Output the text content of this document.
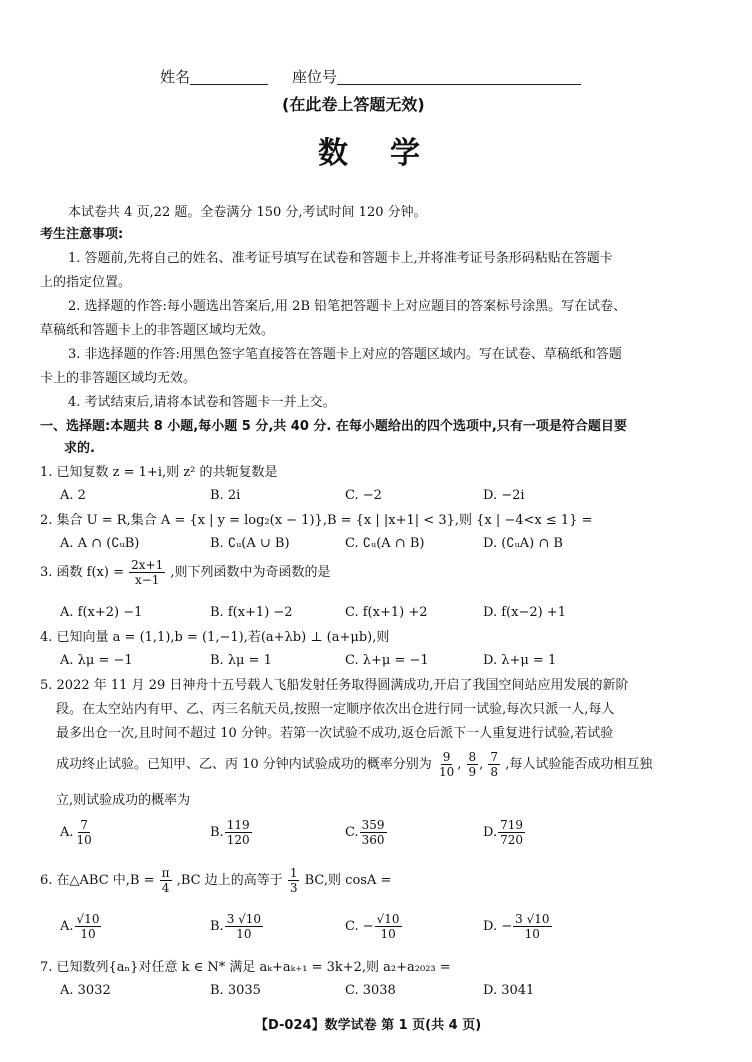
姓名	座位号
(在此卷上答题无效)
数学
本试卷共 4 页,22 题。全卷满分 150 分,考试时间 120 分钟。
考生注意事项:
1. 答题前,先将自己的姓名、准考证号填写在试卷和答题卡上,并将准考证号条形码粘贴在答题卡
上的指定位置。
2. 选择题的作答:每小题选出答案后,用 2B 铅笔把答题卡上对应题目的答案标号涂黑。写在试卷、
草稿纸和答题卡上的非答题区域均无效。
3. 非选择题的作答:用黑色签字笔直接答在答题卡上对应的答题区域内。写在试卷、草稿纸和答题
卡上的非答题区域均无效。
4. 考试结束后,请将本试卷和答题卡一并上交。
一、选择题:本题共 8 小题,每小题 5 分,共 40 分. 在每小题给出的四个选项中,只有一项是符合题目要
求的.
1. 已知复数 z = 1+i,则 z² 的共轭复数是
A. 2	B. 2i	C. −2	D. −2i
2. 集合 U = R,集合 A = {x | y = log₂(x − 1)},B = {x | |x+1| < 3},则 {x | −4<x ≤ 1} =
A. A ∩ (∁ᵤB)	B. ∁ᵤ(A ∪ B)	C. ∁ᵤ(A ∩ B)	D. (∁ᵤA) ∩ B
3. 函数 $f(x) = \frac{2x+1}{x-1}$ ,则下列函数中为奇函数的是
A. f(x+2) −1	B. f(x+1) −2	C. f(x+1) +2	D. f(x−2) +1
4. 已知向量 a = (1,1),b = (1,−1),若(a+λb) ⊥ (a+μb),则
A. λμ = −1	B. λμ = 1	C. λ+μ = −1	D. λ+μ = 1
5. 2022 年 11 月 29 日神舟十五号载人飞船发射任务取得圆满成功,开启了我国空间站应用发展的新阶
段。在太空站内有甲、乙、丙三名航天员,按照一定顺序依次出仓进行同一试验,每次只派一人,每人
最多出仓一次,且时间不超过 10 分钟。若第一次试验不成功,返仓后派下一人重复进行试验,若试验
成功终止试验。已知甲、乙、丙 10 分钟内试验成功的概率分别为 $\frac{9}{10}$ , $\frac{8}{9}$ , $\frac{7}{8}$ ,每人试验能否成功相互独
立,则试验成功的概率为
A. $\frac{7}{10}$	B. $\frac{119}{120}$	C. $\frac{359}{360}$	D. $\frac{719}{720}$
6. 在△ABC 中$,B = \frac{\pi}{4} ,BC$ 边上的高等于 $\frac{1}{3}$ BC,则 cosA =
A. $\frac{√10}{10}$	B. $\frac{3 √10}{10}$	C. − $\frac{√10}{10}$	D. − $\frac{3 √10}{10}$
7. 已知数列{aₙ}对任意 k ∈ N* 满足 aₖ+aₖ₊₁ = 3k+2,则 a₂+a₂₀₂₃ =
A. 3032	B. 3035	C. 3038	D. 3041
【D-024】数学试卷 第 1 页(共 4 页)
